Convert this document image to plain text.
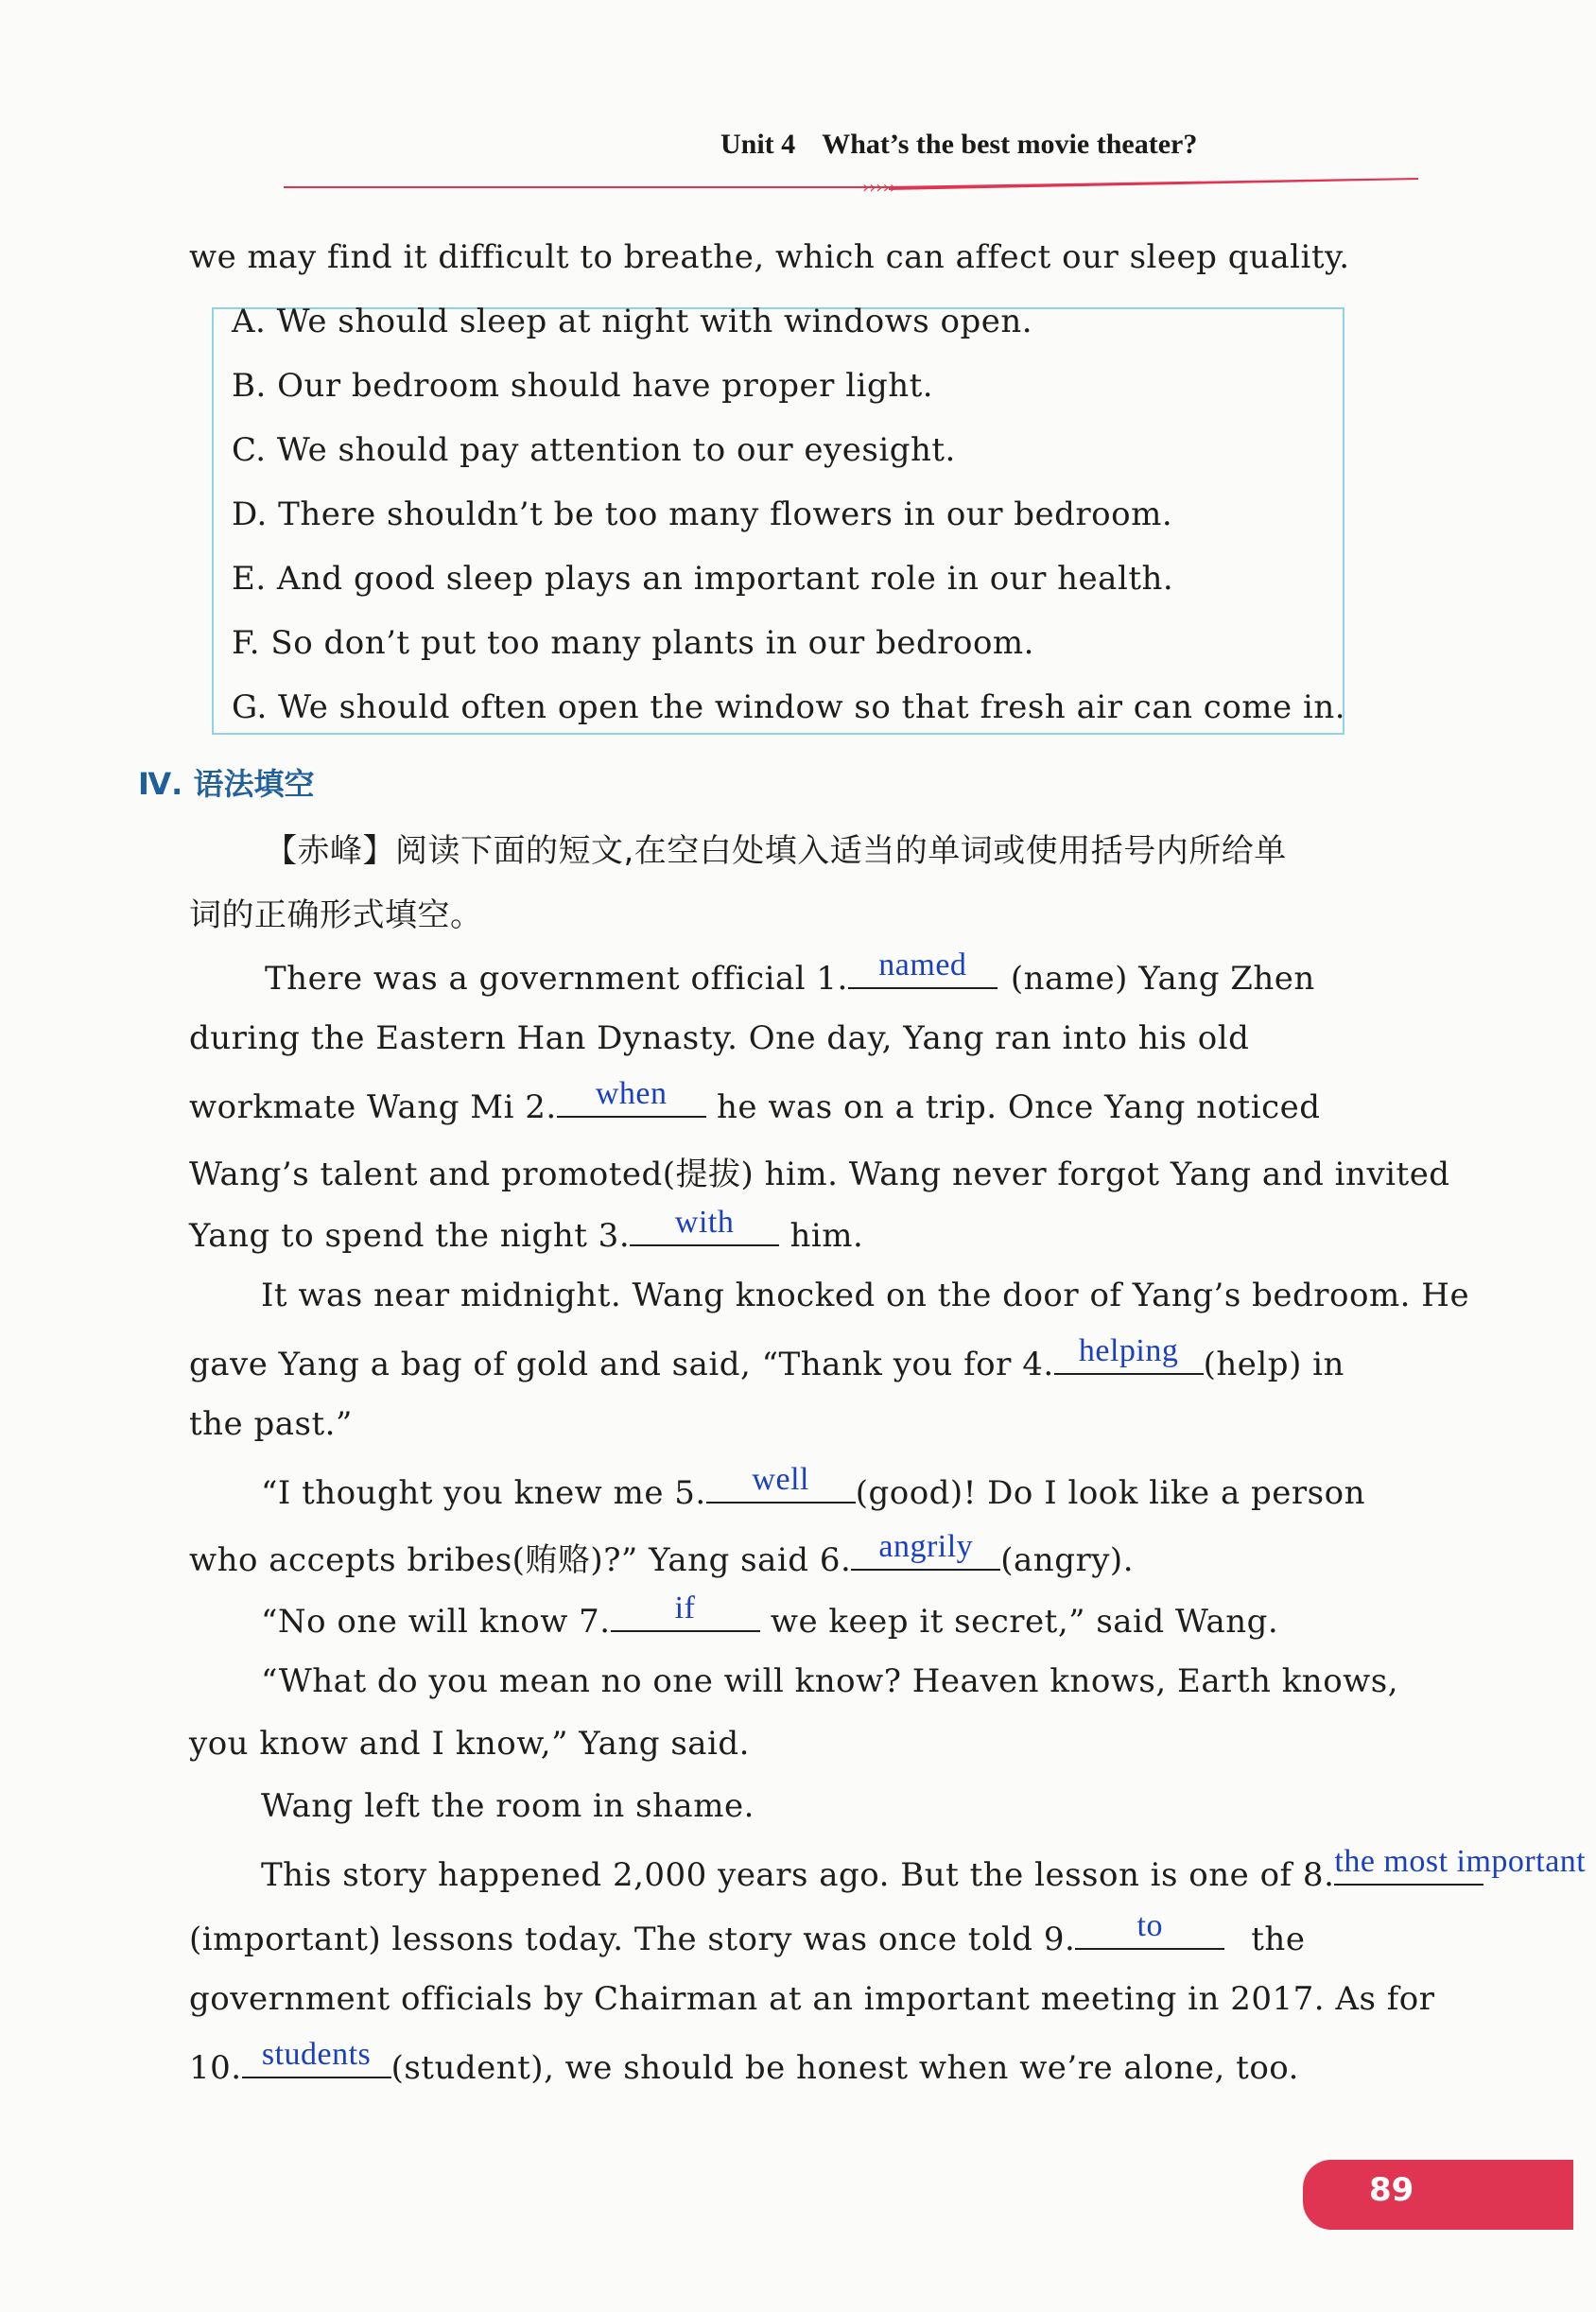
Unit 4 What’s the best movie theater?
›››››
we may find it difficult to breathe, which can affect our sleep quality.
A. We should sleep at night with windows open.
B. Our bedroom should have proper light.
C. We should pay attention to our eyesight.
D. There shouldn’t be too many flowers in our bedroom.
E. And good sleep plays an important role in our health.
F. So don’t put too many plants in our bedroom.
G. We should often open the window so that fresh air can come in.
Ⅳ. 语法填空
【赤峰】阅读下面的短文,在空白处填入适当的单词或使用括号内所给单
词的正确形式填空。
There was a government official 1. named	(name) Yang Zhen
during the Eastern Han Dynasty. One day, Yang ran into his old
workmate Wang Mi 2.	when	he was on a trip. Once Yang noticed
Wang’s talent and promoted(提拔) him. Wang never forgot Yang and invited
Yang to spend the night 3.	with	him.
It was near midnight. Wang knocked on the door of Yang’s bedroom. He
gave Yang a bag of gold and said, “Thank you for 4. helping (help) in
the past.”
“I thought you knew me 5.	well	(good)! Do I look like a person
who accepts bribes(贿赂)?” Yang said 6. angrily (angry).
“No one will know 7.	if	we keep it secret,” said Wang.
“What do you mean no one will know? Heaven knows, Earth knows,
you know and I know,” Yang said.
Wang left the room in shame.
This story happened 2,000 years ago. But the lesson is one of 8. the most important
(important) lessons today. The story was once told 9.	to	the
government officials by Chairman at an important meeting in 2017. As for
10. students (student), we should be honest when we’re alone, too.
89
